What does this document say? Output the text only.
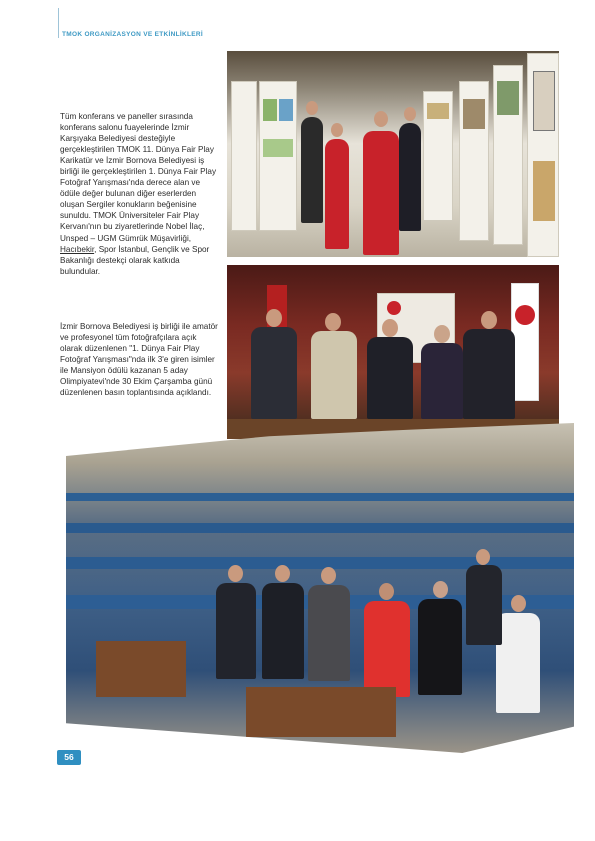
TMOK ORGANİZASYON VE ETKİNLİKLERİ
Tüm konferans ve paneller sırasında konferans salonu fuayelerinde İzmir Karşıyaka Belediyesi desteğiyle gerçekleştirilen TMOK 11. Dünya Fair Play Karikatür ve İzmir Bornova Belediyesi iş birliği ile gerçekleştirilen 1. Dünya Fair Play Fotoğraf Yarışması'nda derece alan ve ödüle değer bulunan diğer eserlerden oluşan Sergiler konukların beğenisine sunuldu. TMOK Üniversiteler Fair Play Kervanı'nın bu ziyaretlerinde Nobel İlaç, Unsped – UGM Gümrük Müşavirliği, Hacıbekir, Spor İstanbul, Gençlik ve Spor Bakanlığı destekçi olarak katkıda bulundular.
İzmir Bornova Belediyesi iş birliği ile amatör ve profesyonel tüm fotoğrafçılara açık olarak düzenlenen "1. Dünya Fair Play Fotoğraf Yarışması"nda ilk 3'e giren isimler ile Mansiyon ödülü kazanan 5 aday Olimpiyatevi'nde 30 Ekim Çarşamba günü düzenlenen basın toplantısında açıklandı.
56
